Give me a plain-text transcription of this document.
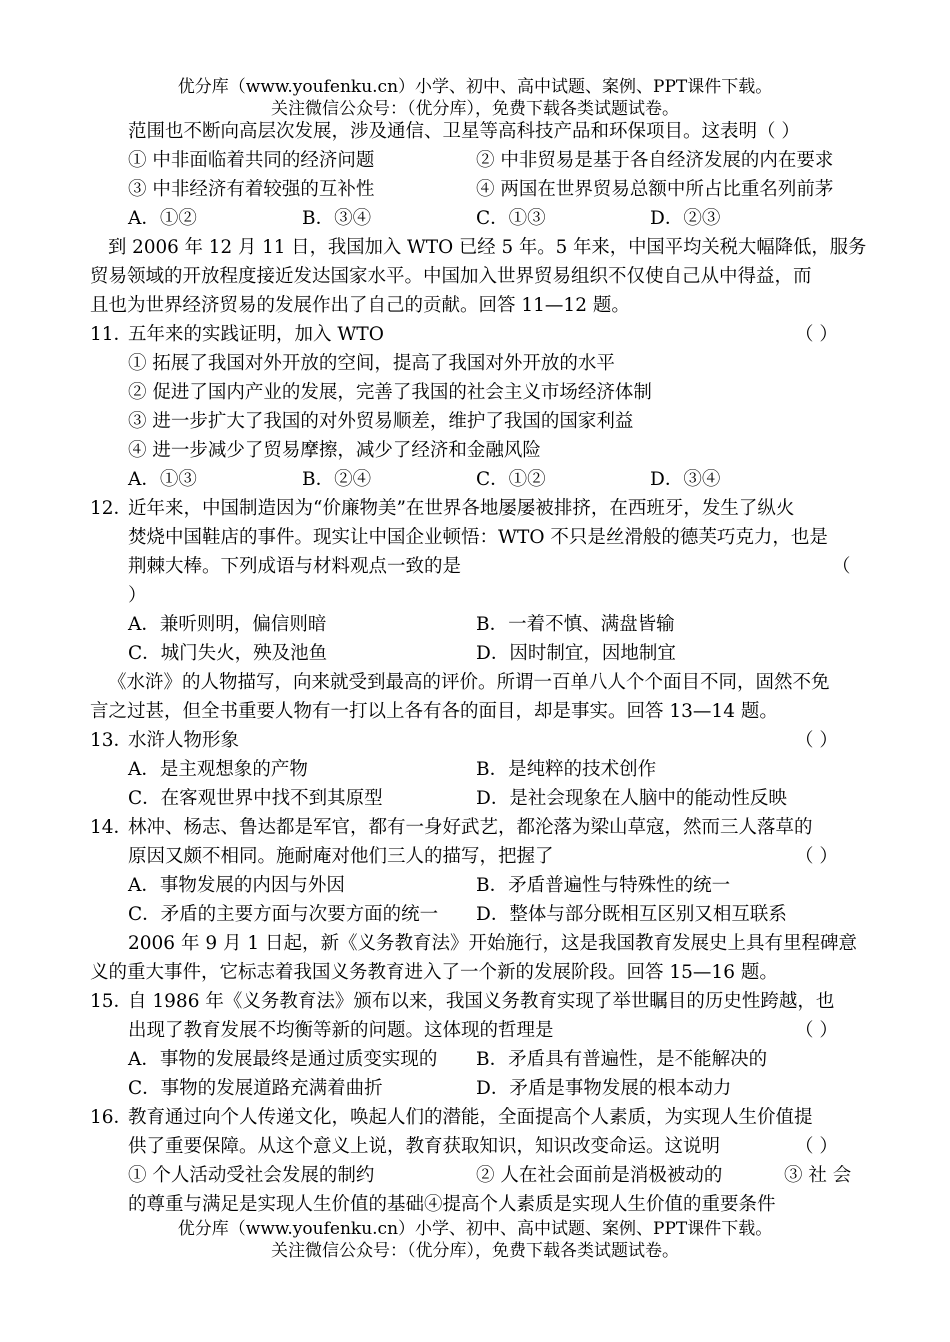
优分库（www.youfenku.cn）小学、初中、高中试题、案例、PPT课件下载。
关注微信公众号：（优分库），免费下载各类试题试卷。
范围也不断向高层次发展，涉及通信、卫星等高科技产品和环保项目。这表明（ ）
① 中非面临着共同的经济问题	② 中非贸易是基于各自经济发展的内在要求
③ 中非经济有着较强的互补性	④ 两国在世界贸易总额中所占比重名列前茅
A．①②	B．③④	C．①③	D．②③
到 2006 年 12 月 11 日，我国加入 WTO 已经 5 年。5 年来，中国平均关税大幅降低，服务
贸易领域的开放程度接近发达国家水平。中国加入世界贸易组织不仅使自己从中得益，而
且也为世界经济贸易的发展作出了自己的贡献。回答 11—12 题。
11．
五年来的实践证明，加入 WTO	（ ）
① 拓展了我国对外开放的空间，提高了我国对外开放的水平
② 促进了国内产业的发展，完善了我国的社会主义市场经济体制
③ 进一步扩大了我国的对外贸易顺差，维护了我国的国家利益
④ 进一步减少了贸易摩擦，减少了经济和金融风险
A．①③	B．②④	C．①②	D．③④
12．
近年来，中国制造因为“价廉物美”在世界各地屡屡被排挤，在西班牙，发生了纵火
焚烧中国鞋店的事件。现实让中国企业顿悟：WTO 不只是丝滑般的德芙巧克力，也是
荆棘大棒。下列成语与材料观点一致的是	（
）
A．兼听则明，偏信则暗	B．一着不慎、满盘皆输
C．城门失火，殃及池鱼	D．因时制宜，因地制宜
《水浒》的人物描写，向来就受到最高的评价。所谓一百单八人个个面目不同，固然不免
言之过甚，但全书重要人物有一打以上各有各的面目，却是事实。回答 13—14 题。
13．
水浒人物形象	（ ）
A．是主观想象的产物	B．是纯粹的技术创作
C．在客观世界中找不到其原型	D．是社会现象在人脑中的能动性反映
14．
林冲、杨志、鲁达都是军官，都有一身好武艺，都沦落为梁山草寇，然而三人落草的
原因又颇不相同。施耐庵对他们三人的描写，把握了	（ ）
A．事物发展的内因与外因	B．矛盾普遍性与特殊性的统一
C．矛盾的主要方面与次要方面的统一 D．整体与部分既相互区别又相互联系
2006 年 9 月 1 日起，新《义务教育法》开始施行，这是我国教育发展史上具有里程碑意
义的重大事件，它标志着我国义务教育进入了一个新的发展阶段。回答 15—16 题。
15．
自 1986 年《义务教育法》颁布以来，我国义务教育实现了举世瞩目的历史性跨越，也
出现了教育发展不均衡等新的问题。这体现的哲理是	（ ）
A．事物的发展最终是通过质变实现的 B．矛盾具有普遍性，是不能解决的
C．事物的发展道路充满着曲折	D．矛盾是事物发展的根本动力
16．
教育通过向个人传递文化，唤起人们的潜能，全面提高个人素质，为实现人生价值提
供了重要保障。从这个意义上说，教育获取知识，知识改变命运。这说明	（ ）
① 个人活动受社会发展的制约	② 人在社会面前是消极被动的	③ 社 会
的尊重与满足是实现人生价值的基础④提高个人素质是实现人生价值的重要条件
优分库（www.youfenku.cn）小学、初中、高中试题、案例、PPT课件下载。
关注微信公众号：（优分库），免费下载各类试题试卷。
